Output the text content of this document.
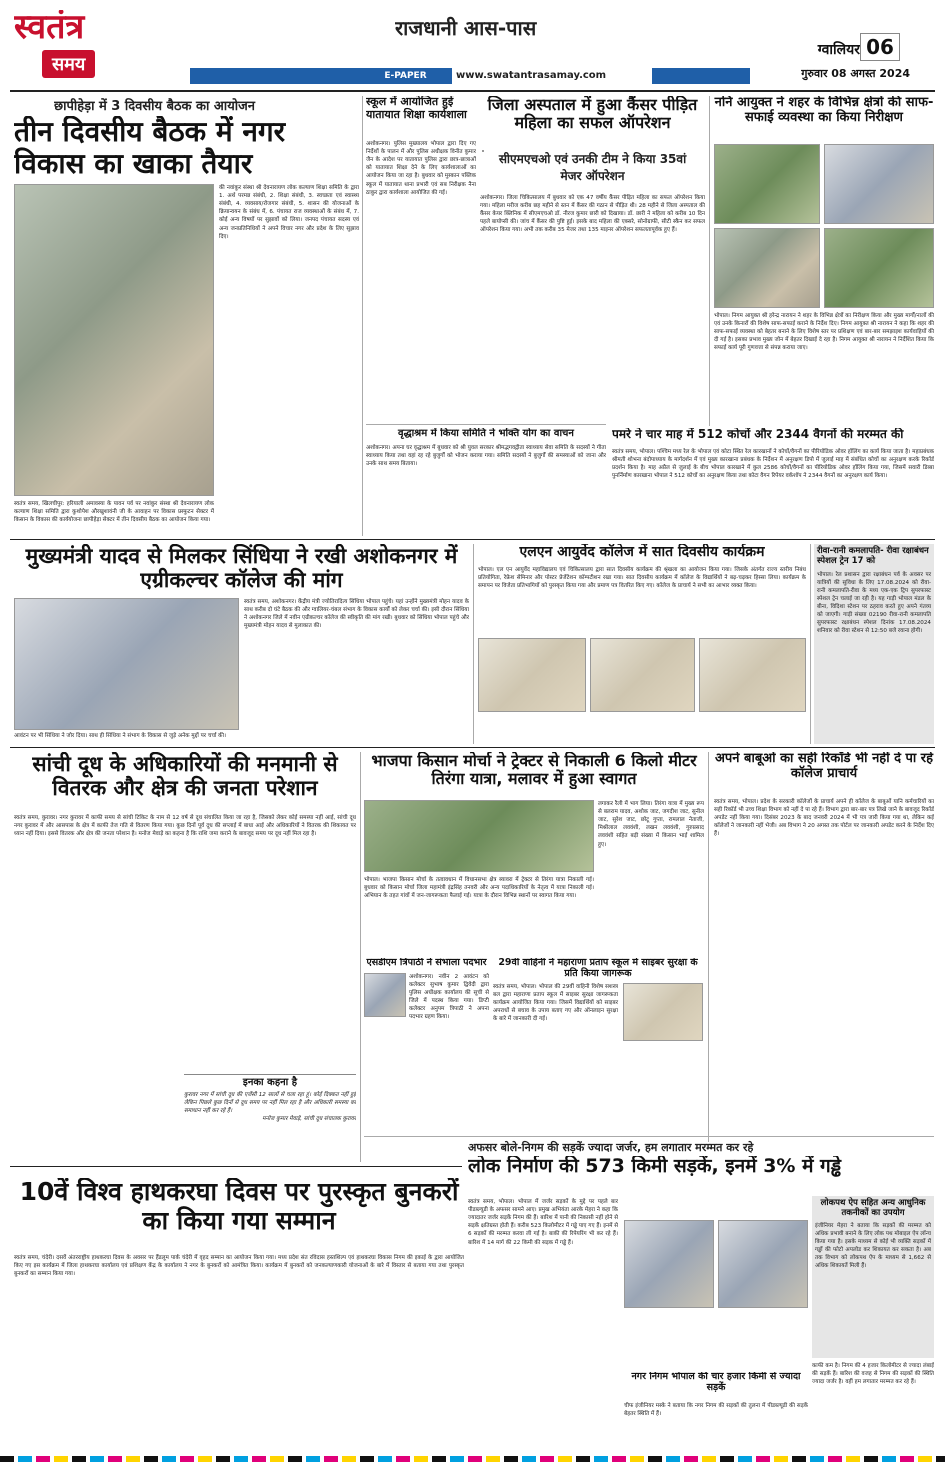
स्वतंत्र
समय
राजधानी आस-पास
ग्वालियर 06
गुरुवार 08 अगस्त 2024
E-PAPER	www.swatantrasamay.com
छापीहेड़ा में 3 दिवसीय बैठक का आयोजन
तीन दिवसीय बैठक में नगर विकास का खाका तैयार
स्वतंत्र समय, खिलचीपुर: हरियाली अमावस्या के पावन पर्व पर नवांकुर संस्था श्री देवनारायण लोक कल्याण शिक्षा समिति द्वारा कुशोपेश औरखुशावंनी जी के आवाहन पर विकास प्रस्फुटन सेक्टर में किसान के विकास की कार्ययोजना छापीहेड़ा सेक्टर में तीन दिवसीय बैठक का आयोजन किया गया।
की नवांकुर संस्था श्री देवनारायण लोक कल्याण शिक्षा समिति के द्वारा 1. अर्थ परमन्न संबंधी, 2. शिक्षा संबंधी, 3. स्वच्छता एवं स्वास्थ्य संबंधी, 4. व्यवसाय/रोजगार संबंधी, 5. शासन की योजनाओं के क्रियान्वयन के संबंध में, 6. पंचायत राज व्यवस्थाओं के संबंध में, 7. कोई अन्य विषयों पर सुझावों को लिया। जनपद पंचायत सदस्य एवं अन्य जनप्रतिनिधियों ने अपने विचार नगर और प्रदेश के लिए सुझाव दिए।
स्कूल में आयोजित हुई यातायात शिक्षा कार्यशाला
अशोकनगर। पुलिस मुख्यालय भोपाल द्वारा दिए गए निर्देशों के पालन में और पुलिस अधीक्षक विनीत कुमार जैन के आदेश पर यातायात पुलिस द्वारा छात्र-छात्राओं को यातायात शिक्षा देने के लिए कार्यशालाओं का आयोजन किया जा रहा है। बुधवार को मुस्कान पब्लिक स्कूल में यातायात थाना प्रभारी एवं सब निरीक्षक नैना ठाकुर द्वारा कार्यशाला आयोजित की गई।
जिला अस्पताल में हुआ कैंसर पीड़ित महिला का सफल ऑपरेशन
सीएमएचओ एवं उनकी टीम ने किया 35वां मेजर ऑपरेशन
अशोकनगर। जिला चिकित्सालय में बुधवार को एक 47 वर्षीय कैंसर पीड़ित महिला का सफल ऑपरेशन किया गया। महिला मरीज करीब छह महीने से स्तन में कैंसर की गठान से पीड़ित थी। 28 महीने से जिला अस्पताल की कैंसर केयर क्लिनिक में सीएमएचओ डॉ. नीरज कुमार छारी को दिखाया। डॉ. छारी ने महिला को करीब 10 दिन पहले बायोप्सी की। जांच में कैंसर की पुष्टि हुई। इसके बाद महिला की एक्सरे, सोनोग्राफी, सीटी स्कैन कर सफल ऑपरेशन किया गया। अभी तक करीब 35 मेजर तथा 135 माइनर ऑपरेशन सफलतापूर्वक हुए हैं।
ननि आयुक्त ने शहर के विभिन्न क्षेत्रों की साफ-सफाई व्यवस्था का किया निरीक्षण
भोपाल। निगम आयुक्त श्री हरेन्द्र नारायन ने शहर के विभिन्न क्षेत्रों का निरीक्षण किया और मुख्य मार्गों/नालों की एवं उनके किनारों की विशेष साफ-सफाई कराने के निर्देश दिए। निगम आयुक्त श्री नारायन ने कहा कि शहर की साफ-सफाई व्यवस्था को बेहतर बनाने के लिए विशेष स्तर पर प्रशिक्षण एवं बार-बार समझाइश कार्यवाहियों की दी गई है। इसका प्रभाव मुख्य जोन में बेहतर दिखाई दे रहा है। निगम आयुक्त श्री नारायन ने निर्देशित किया कि सफाई कार्य पूरी गुणवत्ता से संपन्न कराया जाए।
वृद्धाश्रम में किया समिति ने भक्ति योग का वाचन
अशोकनगर। अपना घर वृद्धाश्रम में बुधवार को श्री युवल सरकार श्रीमद्भगवद्गीता स्वाध्याय सेवा समिति के सदस्यों ने गीता स्वाध्याय किया तथा वहां रह रहे बुजुर्गों को भोजन कराया गया। समिति सदस्यों ने बुजुर्गों की समस्याओं को जाना और उनके साथ समय बिताया।
पमरे ने चार माह में 512 कोचों और 2344 वैगनों की मरम्मत की
स्वतंत्र समय, भोपाल। पश्चिम मध्य रेल के भोपाल एवं कोटा स्थित रेल कारखानों ने कोचों/वैगनों का पीरियोडिक ओवर हॉलिंग का कार्य किया जाता है। महाप्रबंधक श्रीमती शोभना बंदोपाध्याय के मार्गदर्शन में एवं मुख्य कारखाना प्रबंधक के निर्देशन में अनुरक्षण डिपो में जुलाई माह में संबंधित कोचों का अनुरक्षण करके रिकॉर्ड प्रदर्शन किया है। माह अप्रैल से जुलाई के बीच भोपाल कारखाने में कुल 2586 कोचों/वैगनों का पीरियोडिक ओवर हॉलिंग किया गया, जिसमें सवारी डिब्बा पुनर्निर्माण कारखाना भोपाल ने 512 कोचों का अनुरक्षण किया तथा कोटा वैगन रिपेयर वर्कशॉप ने 2344 वैगनों का अनुरक्षण कार्य किया।
मुख्यमंत्री यादव से मिलकर सिंधिया ने रखी अशोकनगर में एग्रीकल्चर कॉलेज की मांग
स्वतंत्र समय, अशोकनगर। केंद्रीय मंत्री ज्योतिरादित्य सिंधिया भोपाल पहुंचे। यहां उन्होंने मुख्यमंत्री मोहन यादव के साथ करीब दो घंटे बैठक की और ग्वालियर-चंबल संभाग के विकास कार्यों को लेकर चर्चा की। इसी दौरान सिंधिया ने अशोकनगर जिले में नवीन एग्रीकल्चर कॉलेज की स्वीकृति की मांग रखी। बुधवार को सिंधिया भोपाल पहुंचे और मुख्यमंत्री मोहन यादव से मुलाकात की।
आवंटन पर भी सिंधिया ने जोर दिया। साथ ही सिंधिया ने संभाग के विकास से जुड़े अनेक मुद्दों पर चर्चा की।
एलएन आयुर्वेद कॉलेज में सात दिवसीय कार्यक्रम
भोपाल। एल एन आयुर्वेद महाविद्यालय एवं चिकित्सालय द्वारा सात दिवसीय कार्यक्रम की श्रृंखला का आयोजन किया गया। जिसके अंतर्गत राज्य स्तरीय निबंध प्रतियोगिता, रेफ्रेश सेमिनार और पोस्टर प्रेजेंटेशन कॉम्पटीशन रखा गया। सात दिवसीय कार्यक्रम में कॉलेज के विद्यार्थियों ने बढ़-चढ़कर हिस्सा लिया। कार्यक्रम के समापन पर विजेता प्रतिभागियों को पुरस्कृत किया गया और प्रमाण पत्र वितरित किए गए। कॉलेज के प्राचार्य ने सभी का आभार व्यक्त किया।
रीवा-रानी कमलापति- रीवा रक्षाबंधन स्पेशल ट्रेन 17 को
भोपाल। रेल प्रशासन द्वारा रक्षाबंधन पर्व के अवसर पर यात्रियों की सुविधा के लिए 17.08.2024 को रीवा-रानी कमलापति-रीवा के मध्य एक-एक ट्रिप सुपरफास्ट स्पेशल ट्रेन चलाई जा रही है। यह गाड़ी भोपाल मंडल के बीना, विदिशा स्टेशन पर ठहराव करते हुए अपने गंतव्य को जाएगी। गाड़ी संख्या 02190 रीवा-रानी कमलापति सुपरफास्ट रक्षाबंधन स्पेशल दिनांक 17.08.2024 शनिवार को रीवा स्टेशन से 12:50 बजे रवाना होगी।
सांची दूध के अधिकारियों की मनमानी से वितरक और क्षेत्र की जनता परेशान
स्वतंत्र समय, कुरावर। नगर कुरावर में काफी समय से सांची टिकिट के नाम से 12 वर्ष से दूध संचालित किया जा रहा है, जिसको लेकर कोई समस्या नहीं आई, सांची दूध नगर कुरावर में और आसपास के क्षेत्र में काफी तेज गति से वितरण किया गया। कुछ दिनों पूर्व दूध की सप्लाई में बाधा आई और अधिकारियों ने वितरक की शिकायत पर ध्यान नहीं दिया। इससे वितरक और क्षेत्र की जनता परेशान है। मनोज मेवाड़े का कहना है कि राशि जमा कराने के बावजूद समय पर दूध नहीं मिल रहा है।
इनका कहना है
कुरावर नगर में सांची दूध की एजेंसी 12 सालों से चला रहा हूं। कोई दिक्कत नहीं हुई लेकिन पिछले कुछ दिनों से दूध समय पर नहीं मिल रहा है और अधिकारी समस्या का समाधान नहीं कर रहे हैं।
मनोज कुमार मेवाड़े, सांची दूध संचालक कुरावर
भाजपा किसान मोर्चा ने ट्रेक्टर से निकाली 6 किलो मीटर तिरंगा यात्रा, मलावर में हुआ स्वागत
भोपाल। भाजपा किसान मोर्चा के तत्वावधान में विधानसभा क्षेत्र ब्यावरा में ट्रेक्टर से तिरंगा यात्रा निकाली गई। बुधवार को किसान मोर्चा जिला महामंत्री इंद्रसिंह तनवरी और अन्य पदाधिकारियों के नेतृत्व में यात्रा निकाली गई। अभियान के तहत गांवों में जन-जागरूकता फैलाई गई। यात्रा के दौरान विभिन्न स्थानों पर स्वागत किया गया।
लगाकर रैली में भाग लिया। तिरंगा यात्रा में मुख्य रूप से बलराम यादव, अशोक जाट, जगदीश जाट, सुनील जाट, सुरेश जाट, छोटू गुप्ता, रामलाल नेताजी, मिश्रीलाल लववंशी, लखन लववंशी, गुरुप्रसाद लववंशी सहित बड़ी संख्या में किसान भाई शामिल हुए।
एसडीएम त्रिपाठी ने संभाला पदभार
अशोकनगर। नवीन 2 आवंटन को कलेक्टर सुभाष कुमार द्विवेदी द्वारा पुलिस अधीक्षक कार्यालय की सूची से जिले में पदस्थ किया गया। डिप्टी कलेक्टर अनुपम त्रिपाठी ने अपना पदभार ग्रहण किया।
29वीं वाहिनी ने महाराणा प्रताप स्कूल में साइबर सुरक्षा के प्रति किया जागरूक
स्वतंत्र समय, भोपाल। भोपाल की 29वीं वाहिनी विशेष सशस्त्र बल द्वारा महाराणा प्रताप स्कूल में साइबर सुरक्षा जागरूकता कार्यक्रम आयोजित किया गया। जिसमें विद्यार्थियों को साइबर अपराधों से बचाव के उपाय बताए गए और ऑनलाइन सुरक्षा के बारे में जानकारी दी गई।
अपने बाबूओं का सही रिकॉर्ड भी नहीं दे पा रहे कॉलेज प्राचार्य
स्वतंत्र समय, भोपाल। प्रदेश के सरकारी कॉलेजों के प्राचार्य अपने ही कॉलेज के बाबूओं यानि कर्मचारियों का सही रिकॉर्ड भी उच्च शिक्षा विभाग को नहीं दे पा रहे हैं। विभाग द्वारा बार-बार पत्र लिखे जाने के बावजूद रिकॉर्ड अपडेट नहीं किया गया। दिसंबर 2023 के बाद जनवरी 2024 में भी पत्र जारी किया गया था, लेकिन कई कॉलेजों ने जानकारी नहीं भेजी। अब विभाग ने 20 अगस्त तक पोर्टल पर जानकारी अपडेट करने के निर्देश दिए हैं।
अफसर बोले-निगम की सड़कें ज्यादा जर्जर, हम लगातार मरम्मत कर रहे
लोक निर्माण की 573 किमी सड़कें, इनमें 3% में गड्ढे
स्वतंत्र समय, भोपाल। भोपाल में जर्जर सड़कों के मुद्दे पर पहले बार पीडब्ल्यूडी के अफसर सामने आए। प्रमुख अभियंता आरके मेहरा ने कहा कि ज्यादातर जर्जर सड़कें निगम की हैं। बारिश में पानी की निकासी नहीं होने से सड़कें क्षतिग्रस्त होती हैं। करीब 523 किलोमीटर में गड्ढे पाए गए हैं। इनमें से 6 सड़कों की मरम्मत करवा ली गई है। बाकी की रिपेयरिंग भी कर रहे हैं। बारिश में 14 मार्ग की 22 किमी की सड़क में गड्ढे हैं।
नगर निगम भोपाल की चार हजार किमी से ज्यादा सड़कें
चीफ इंजीनियर मस्के ने बताया कि नगर निगम की सड़कों की तुलना में पीडब्ल्यूडी की सड़कें बेहतर स्थिति में हैं।
लोकपथ ऐप सहित अन्य आधुनिक तकनीकों का उपयोग
इंजीनियर मेहरा ने बताया कि सड़कों की मरम्मत को अधिक प्रभावी बनाने के लिए लोक पथ मोबाइल ऐप लॉन्च किया गया है। इसके माध्यम से कोई भी व्यक्ति सड़कों में गड्ढों की फोटो अपलोड कर शिकायत कर सकता है। अब तक विभाग को लोकपथ ऐप के माध्यम से 1,662 से अधिक शिकायतें मिली हैं।
काफी कम है। निगम की 4 हजार किलोमीटर से ज्यादा लंबाई की सड़कें हैं। बारिश की वजह से निगम की सड़कों की स्थिति ज्यादा जर्जर है। वहीं हम लगातार मरम्मत कर रहे हैं।
10वें विश्व हाथकरघा दिवस पर पुरस्कृत बुनकरों का किया गया सम्मान
स्वतंत्र समय, चंदेरी। दसवें अंतरराष्ट्रीय हाथकरघा दिवस के अवसर पर हैंडलूम पार्क चंदेरी में वृहद सम्मान का आयोजन किया गया। मध्य प्रदेश संत रविदास हस्तशिल्प एवं हाथकरघा विकास निगम की इकाई के द्वारा आयोजित किए गए इस कार्यक्रम में जिला हाथकरघा कार्यालय एवं प्रशिक्षण केंद्र के कार्यालय ने नगर के बुनकरों को आमंत्रित किया। कार्यक्रम में बुनकरों को जनकल्याणकारी योजनाओं के बारे में विस्तार से बताया गया तथा पुरस्कृत बुनकरों का सम्मान किया गया।
